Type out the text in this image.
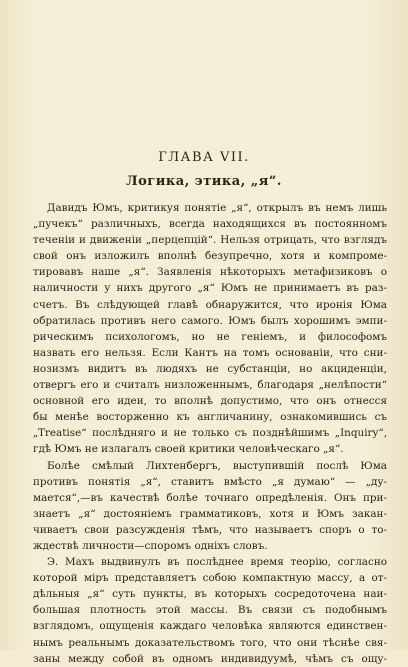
ГЛАВА VII.
Логика, этика, „я“.
Давидъ Юмъ, критикуя понятіе „я“, открылъ въ немъ лишь
„пучекъ“ различныхъ, всегда находящихся въ постоянномъ
теченіи и движеніи „перцепцій“. Нельзя отрицать, что взглядъ
свой онъ изложилъ вполнѣ безупречно, хотя и компроме-
тировавъ наше „я“. Заявленія нѣкоторыхъ метафизиковъ о
наличности у нихъ другого „я“ Юмъ не принимаетъ въ раз-
счетъ. Въ слѣдующей главѣ обнаружится, что иронія Юма
обратилась противъ него самого. Юмъ былъ хорошимъ эмпи-
рическимъ психологомъ, но не геніемъ, и философомъ
назвать его нельзя. Если Кантъ на томъ основаніи, что сни-
нозизмъ видитъ въ людяхъ не субстанціи, но акциденціи,
отвергъ его и считалъ низложеннымъ, благодаря „нелѣпости“
основной его идеи, то вполнѣ допустимо, что онъ отнесся
бы менѣе восторженно къ англичанину, ознакомившись съ
„Treatise“ послѣдняго и не только съ позднѣйшимъ „Inquiry“,
гдѣ Юмъ не излагалъ своей критики человѣческаго „я“.
Болѣе смѣлый Лихтенбергъ, выступившій послѣ Юма
противъ понятія „я“, ставитъ вмѣсто „я думаю“ — „ду-
мается“,—въ качествѣ болѣе точнаго опредѣленія. Онъ при-
знаетъ „я“ достояніемъ грамматиковъ, хотя и Юмъ закан-
чиваетъ свои разсужденія тѣмъ, что называетъ споръ о то-
ждествѣ личности—споромъ одніхъ словъ.
Э. Махъ выдвинулъ въ послѣднее время теорію, согласно
которой міръ представляетъ собою компактную массу, а от-
дѣльныя „я“ суть пункты, въ которыхъ сосредоточена наи-
большая плотность этой массы. Въ связи съ подобнымъ
взглядомъ, ощущенія каждаго человѣка являются единствен-
нымъ реальнымъ доказательствомъ того, что они тѣснѣе свя-
заны между собой въ одномъ индивидуумѣ, чѣмъ съ ощу-
